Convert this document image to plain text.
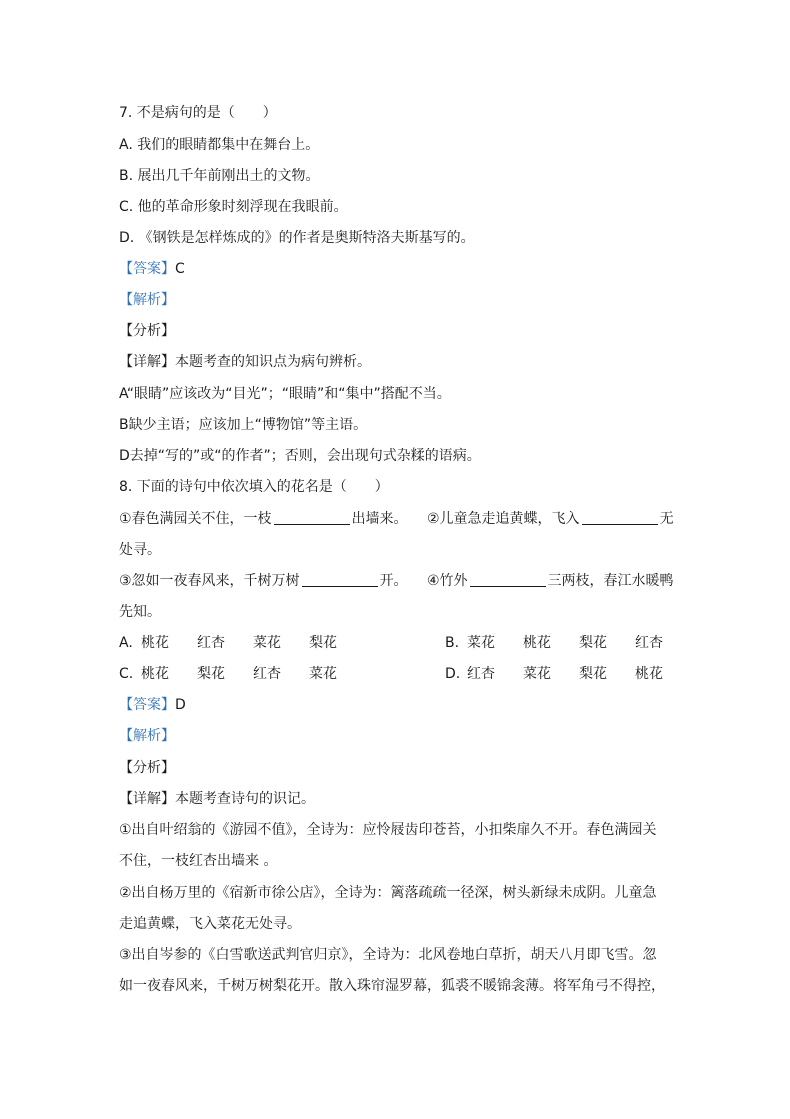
7. 不是病句的是（　　）
A. 我们的眼睛都集中在舞台上。
B. 展出几千年前刚出土的文物。
C. 他的革命形象时刻浮现在我眼前。
D. 《钢铁是怎样炼成的》的作者是奥斯特洛夫斯基写的。
【答案】C
【解析】
【分析】
【详解】本题考查的知识点为病句辨析。
A“眼睛”应该改为“目光”；“眼睛”和“集中”搭配不当。
B缺少主语；应该加上“博物馆”等主语。
D去掉“写的”或“的作者”；否则，会出现句式杂糅的语病。
8. 下面的诗句中依次填入的花名是（　　）
①春色满园关不住，一枝	出墙来。 ②儿童急走追黄蝶，飞入	无
处寻。
③忽如一夜春风来，千树万树	开。 ④竹外	三两枝，春江水暖鸭
先知。
A. 桃花 红杏 菜花 梨花	B. 菜花 桃花 梨花 红杏
C. 桃花 梨花 红杏 菜花	D. 红杏 菜花 梨花 桃花
【答案】D
【解析】
【分析】
【详解】本题考查诗句的识记。
①出自叶绍翁的《游园不值》，全诗为：应怜屐齿印苍苔，小扣柴扉久不开。春色满园关
不住，一枝红杏出墙来 。
②出自杨万里的《宿新市徐公店》，全诗为：篱落疏疏一径深，树头新绿未成阴。儿童急
走追黄蝶，飞入菜花无处寻。
③出自岑参的《白雪歌送武判官归京》，全诗为：北风卷地白草折，胡天八月即飞雪。忽
如一夜春风来，千树万树梨花开。散入珠帘湿罗幕，狐裘不暖锦衾薄。将军角弓不得控，
